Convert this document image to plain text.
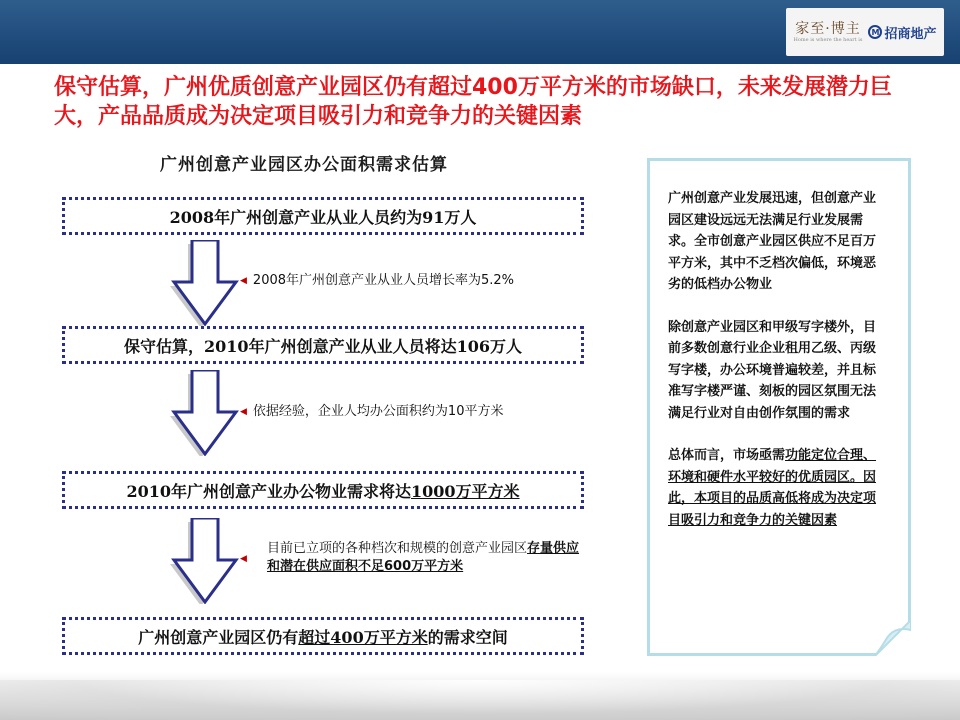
家至·博主
Home is where the heart is
M 招商地产
保守估算，广州优质创意产业园区仍有超过400万平方米的市场缺口，未来发展潜力巨大，产品品质成为决定项目吸引力和竞争力的关键因素
广州创意产业园区办公面积需求估算
2008年广州创意产业从业人员约为91万人
保守估算，2010年广州创意产业从业人员将达106万人
2010年广州创意产业办公物业需求将达 1000万平方米
广州创意产业园区仍有 超过400万平方米 的需求空间
◀ 2008年广州创意产业从业人员增长率为5.2%
◀ 依据经验，企业人均办公面积约为10平方米
◀
目前已立项的各种档次和规模的创意产业园区存量供应和潜在供应面积不足600万平方米

广州创意产业发展迅速，但创意产业园区建设远远无法满足行业发展需求。全市创意产业园区供应不足百万平方米，其中不乏档次偏低，环境恶劣的低档办公物业

除创意产业园区和甲级写字楼外，目前多数创意行业企业租用乙级、丙级写字楼，办公环境普遍较差，并且标准写字楼严谨、刻板的园区氛围无法满足行业对自由创作氛围的需求

总体而言，市场亟需功能定位合理、环境和硬件水平较好的优质园区。因此，本项目的品质高低将成为决定项目吸引力和竞争力的关键因素
